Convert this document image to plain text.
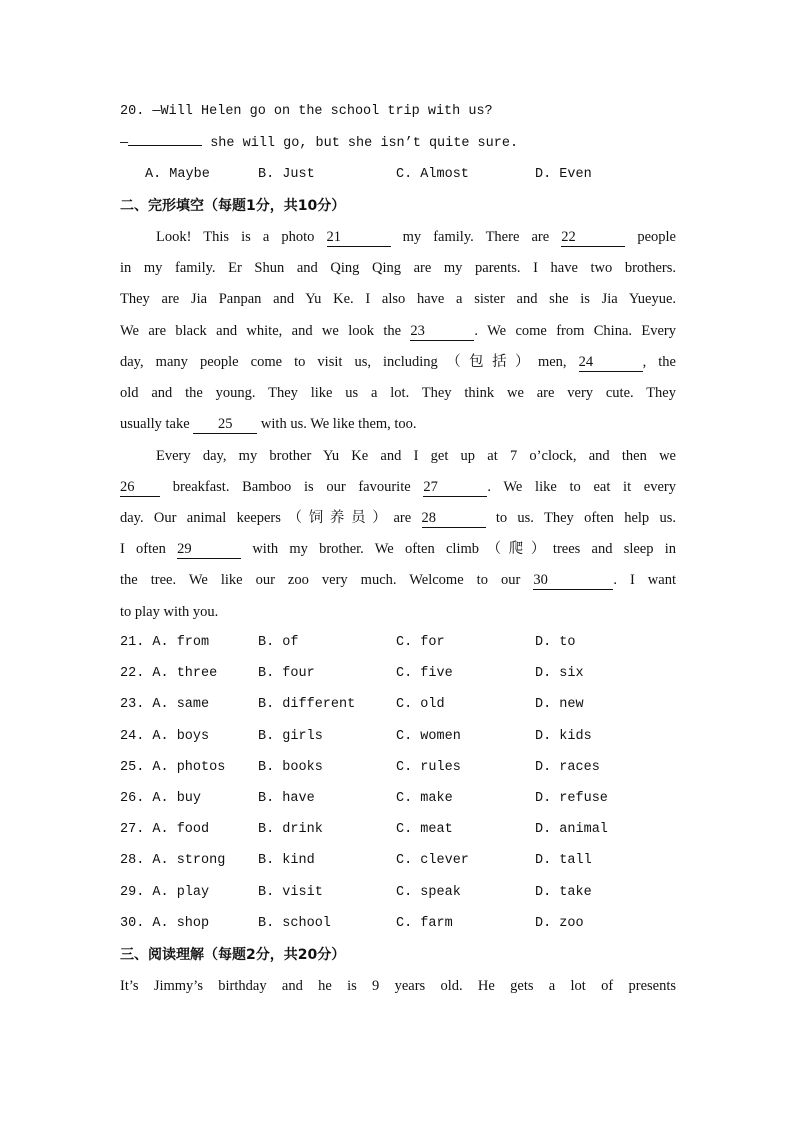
20. —Will Helen go on the school trip with us?
—	she will go, but she isn’t quite sure.
A. Maybe	B. Just	C. Almost	D. Even
二、完形填空（每题1分，共10分）
Look! This is a photo 21	my family. There are 22	people
in my family. Er Shun and Qing Qing are my parents. I have two brothers.
They are Jia Panpan and Yu Ke. I also have a sister and she is Jia Yueyue.
We are black and white, and we look the 23	. We come from China. Every
day, many people come to visit us, including（包括）men, 24	, the
old and the young. They like us a lot. They think we are very cute. They
usually take 25 with us. We like them, too.
Every day, my brother Yu Ke and I get up at 7 o’clock, and then we
26 breakfast. Bamboo is our favourite 27	. We like to eat it every
day. Our animal keepers（饲养员）are 28	to us. They often help us.
I often 29	with my brother. We often climb（爬）trees and sleep in
the tree. We like our zoo very much. Welcome to our 30	. I want
to play with you.
21. A. from	B. of	C. for	D. to
22. A. three	B. four	C. five	D. six
23. A. same	B. different	C. old	D. new
24. A. boys	B. girls	C. women	D. kids
25. A. photos B. books	C. rules	D. races
26. A. buy	B. have	C. make	D. refuse
27. A. food	B. drink	C. meat	D. animal
28. A. strong B. kind	C. clever	D. tall
29. A. play	B. visit	C. speak	D. take
30. A. shop	B. school	C. farm	D. zoo
三、阅读理解（每题2分，共20分）
It’s Jimmy’s birthday and he is 9 years old. He gets a lot of presents
